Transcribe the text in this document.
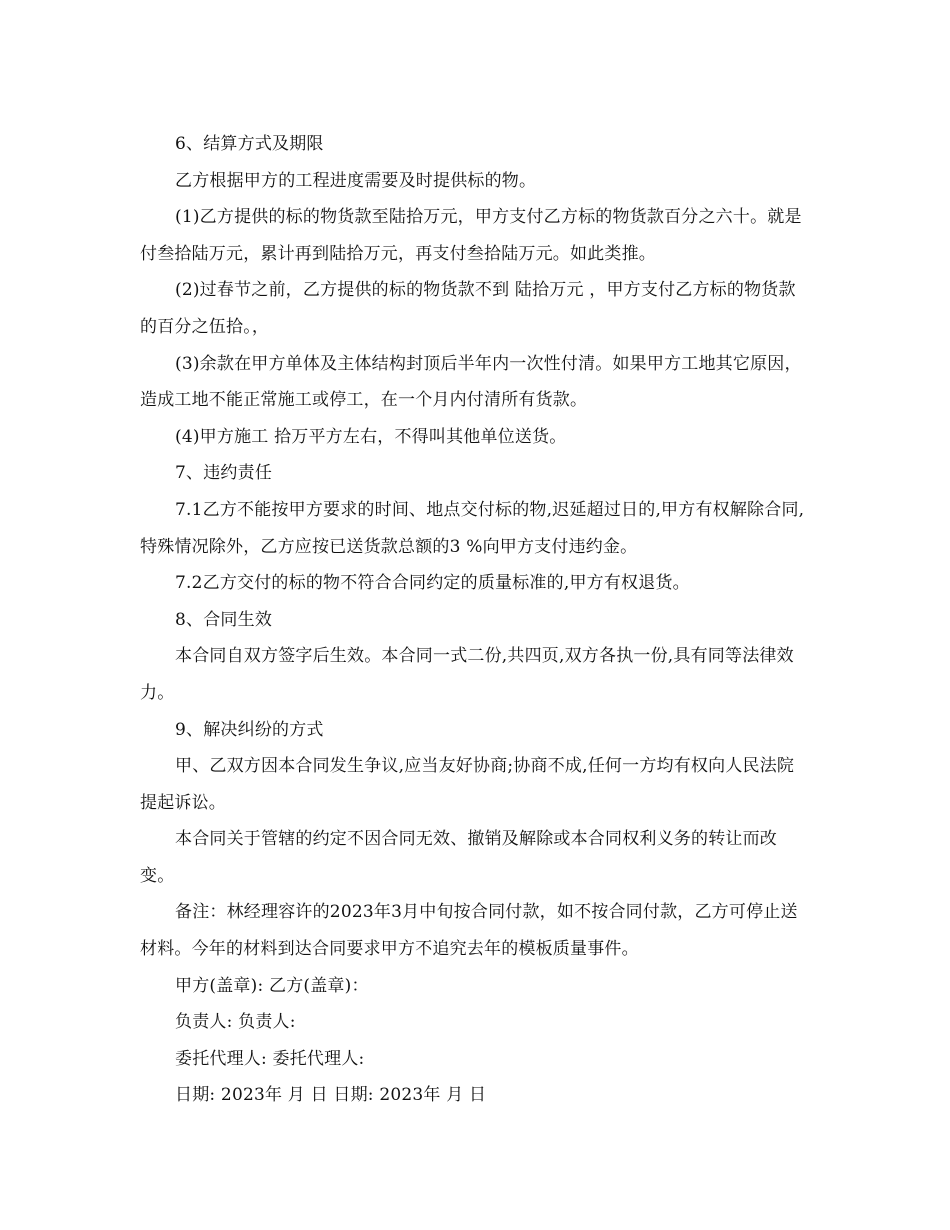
6、结算方式及期限

乙方根据甲方的工程进度需要及时提供标的物。

(1)乙方提供的标的物货款至陆拾万元，甲方支付乙方标的物货款百分之六十。就是付叁拾陆万元，累计再到陆拾万元，再支付叁拾陆万元。如此类推。

(2)过春节之前，乙方提供的标的物货款不到 陆拾万元 ，甲方支付乙方标的物货款的百分之伍拾。，

(3)余款在甲方单体及主体结构封顶后半年内一次性付清。如果甲方工地其它原因，造成工地不能正常施工或停工，在一个月内付清所有货款。

(4)甲方施工 拾万平方左右，不得叫其他单位送货。

7、违约责任

7.1乙方不能按甲方要求的时间、地点交付标的物,迟延超过日的,甲方有权解除合同,特殊情况除外，乙方应按已送货款总额的3 %向甲方支付违约金。

7.2乙方交付的标的物不符合合同约定的质量标准的,甲方有权退货。

8、合同生效

本合同自双方签字后生效。本合同一式二份,共四页,双方各执一份,具有同等法律效力。

9、解决纠纷的方式

甲、乙双方因本合同发生争议,应当友好协商;协商不成,任何一方均有权向人民法院提起诉讼。

本合同关于管辖的约定不因合同无效、撤销及解除或本合同权利义务的转让而改变。

备注：林经理容许的2023年3月中旬按合同付款，如不按合同付款，乙方可停止送材料。今年的材料到达合同要求甲方不追究去年的模板质量事件。

甲方(盖章): 乙方(盖章)：

负责人: 负责人:

委托代理人: 委托代理人:

日期: 2023年 月 日 日期: 2023年 月 日
